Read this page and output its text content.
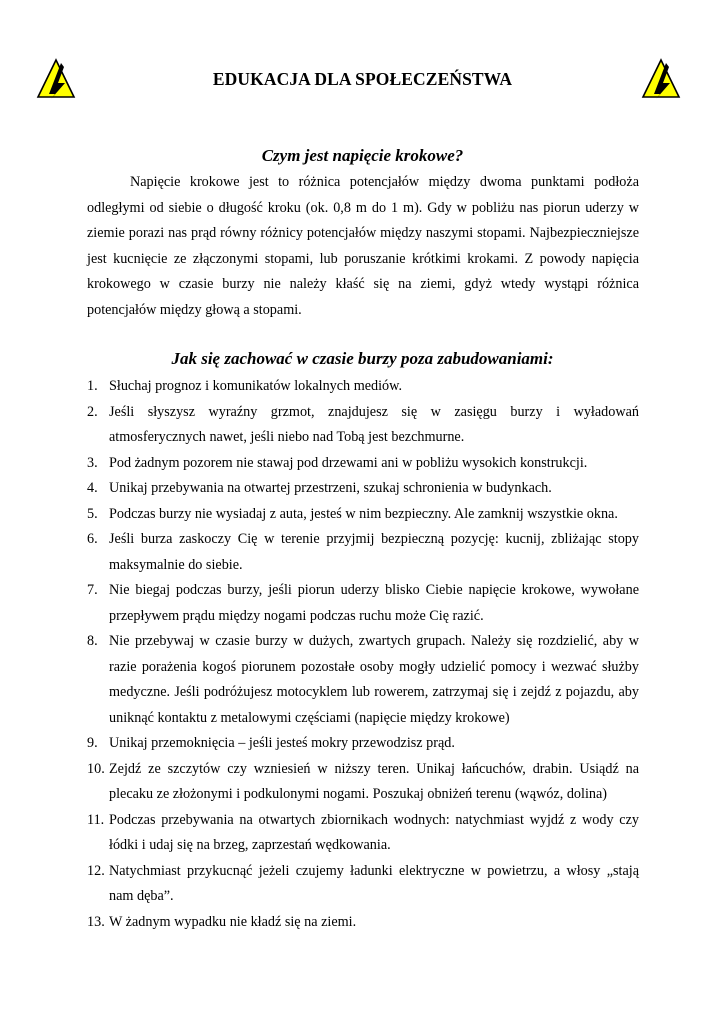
EDUKACJA DLA SPOŁECZEŃSTWA
Czym jest napięcie krokowe?

Napięcie krokowe jest to różnica potencjałów między dwoma punktami podłoża odległymi od siebie o długość kroku (ok. 0,8 m do 1 m). Gdy w pobliżu nas piorun uderzy w ziemie porazi nas prąd równy różnicy potencjałów między naszymi stopami. Najbezpieczniejsze jest kucnięcie ze złączonymi stopami, lub poruszanie krótkimi krokami. Z powody napięcia krokowego w czasie burzy nie należy kłaść się na ziemi, gdyż wtedy wystąpi różnica potencjałów między głową a stopami.

Jak się zachować w czasie burzy poza zabudowaniami:
1. Słuchaj prognoz i komunikatów lokalnych mediów.
2. Jeśli słyszysz wyraźny grzmot, znajdujesz się w zasięgu burzy i wyładowań atmosferycznych nawet, jeśli niebo nad Tobą jest bezchmurne.
3. Pod żadnym pozorem nie stawaj pod drzewami ani w pobliżu wysokich konstrukcji.
4. Unikaj przebywania na otwartej przestrzeni, szukaj schronienia w budynkach.
5. Podczas burzy nie wysiadaj z auta, jesteś w nim bezpieczny. Ale zamknij wszystkie okna.
6. Jeśli burza zaskoczy Cię w terenie przyjmij bezpieczną pozycję: kucnij, zbliżając stopy maksymalnie do siebie.
7. Nie biegaj podczas burzy, jeśli piorun uderzy blisko Ciebie napięcie krokowe, wywołane przepływem prądu między nogami podczas ruchu może Cię razić.
8. Nie przebywaj w czasie burzy w dużych, zwartych grupach. Należy się rozdzielić, aby w razie porażenia kogoś piorunem pozostałe osoby mogły udzielić pomocy i wezwać służby medyczne. Jeśli podróżujesz motocyklem lub rowerem, zatrzymaj się i zejdź z pojazdu, aby uniknąć kontaktu z metalowymi częściami (napięcie między krokowe)
9. Unikaj przemoknięcia – jeśli jesteś mokry przewodzisz prąd.
10. Zejdź ze szczytów czy wzniesień w niższy teren. Unikaj łańcuchów, drabin. Usiądź na plecaku ze złożonymi i podkulonymi nogami. Poszukaj obniżeń terenu (wąwóz, dolina)
11. Podczas przebywania na otwartych zbiornikach wodnych: natychmiast wyjdź z wody czy łódki i udaj się na brzeg, zaprzestań wędkowania.
12. Natychmiast przykucnąć jeżeli czujemy ładunki elektryczne w powietrzu, a włosy „stają nam dęba”.
13. W żadnym wypadku nie kładź się na ziemi.
